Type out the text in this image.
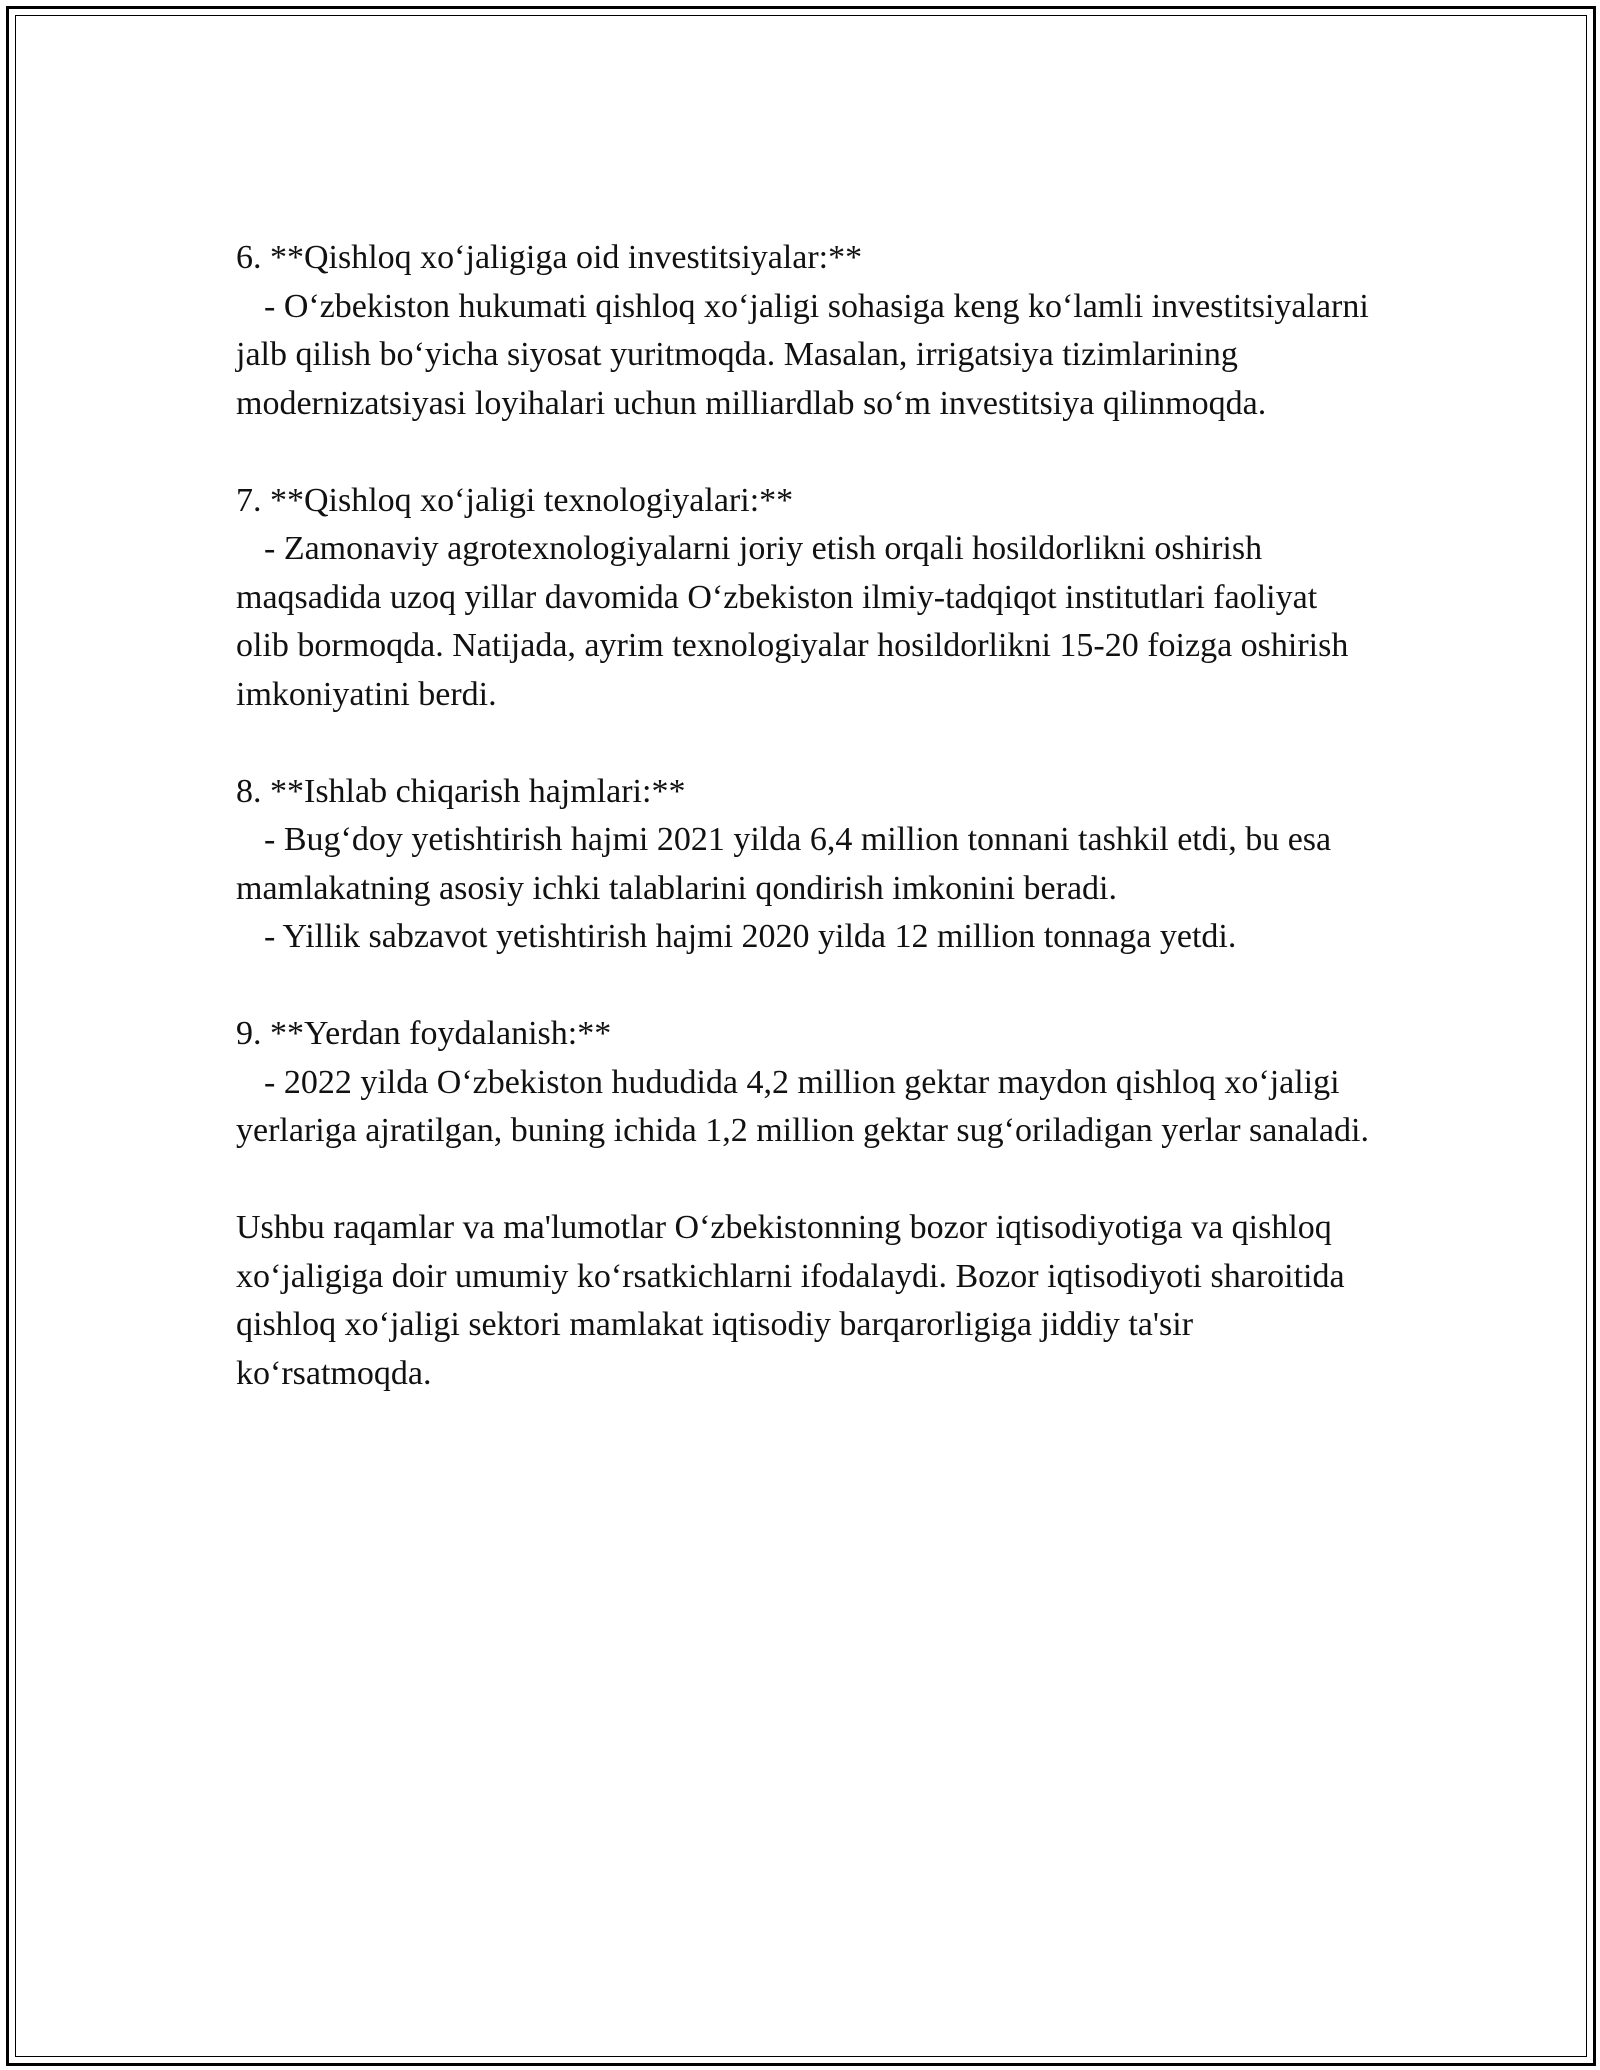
6. **Qishloq xo‘jaligiga oid investitsiyalar:**
- O‘zbekiston hukumati qishloq xo‘jaligi sohasiga keng ko‘lamli investitsiyalarni jalb qilish bo‘yicha siyosat yuritmoqda. Masalan, irrigatsiya tizimlarining modernizatsiyasi loyihalari uchun milliardlab so‘m investitsiya qilinmoqda.
7. **Qishloq xo‘jaligi texnologiyalari:**
- Zamonaviy agrotexnologiyalarni joriy etish orqali hosildorlikni oshirish maqsadida uzoq yillar davomida O‘zbekiston ilmiy-tadqiqot institutlari faoliyat olib bormoqda. Natijada, ayrim texnologiyalar hosildorlikni 15-20 foizga oshirish imkoniyatini berdi.
8. **Ishlab chiqarish hajmlari:**
- Bug‘doy yetishtirish hajmi 2021 yilda 6,4 million tonnani tashkil etdi, bu esa mamlakatning asosiy ichki talablarini qondirish imkonini beradi.
- Yillik sabzavot yetishtirish hajmi 2020 yilda 12 million tonnaga yetdi.
9. **Yerdan foydalanish:**
- 2022 yilda O‘zbekiston hududida 4,2 million gektar maydon qishloq xo‘jaligi yerlariga ajratilgan, buning ichida 1,2 million gektar sug‘oriladigan yerlar sanaladi.

Ushbu raqamlar va ma'lumotlar O‘zbekistonning bozor iqtisodiyotiga va qishloq xo‘jaligiga doir umumiy ko‘rsatkichlarni ifodalaydi. Bozor iqtisodiyoti sharoitida qishloq xo‘jaligi sektori mamlakat iqtisodiy barqarorligiga jiddiy ta'sir ko‘rsatmoqda.
